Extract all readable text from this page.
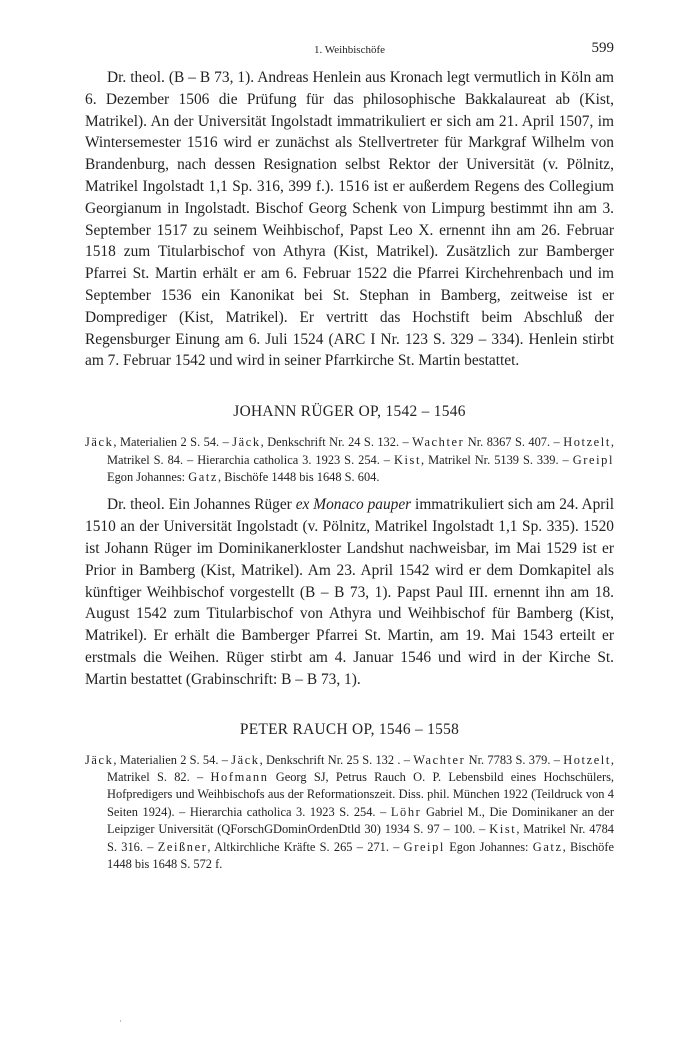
1. Weihbischöfe	599

Dr. theol. (B – B 73, 1). Andreas Henlein aus Kronach legt vermutlich in Köln am 6. Dezember 1506 die Prüfung für das philosophische Bakkalaureat ab (Kist, Matrikel). An der Universität Ingolstadt immatrikuliert er sich am 21. April 1507, im Wintersemester 1516 wird er zunächst als Stellvertreter für Markgraf Wilhelm von Brandenburg, nach dessen Resignation selbst Rektor der Universität (v. Pölnitz, Matrikel Ingolstadt 1,1 Sp. 316, 399 f.). 1516 ist er außerdem Regens des Collegium Georgianum in Ingolstadt. Bischof Georg Schenk von Limpurg bestimmt ihn am 3. September 1517 zu seinem Weihbischof, Papst Leo X. ernennt ihn am 26. Februar 1518 zum Titularbischof von Athyra (Kist, Matrikel). Zusätzlich zur Bamberger Pfarrei St. Martin erhält er am 6. Februar 1522 die Pfarrei Kirchehrenbach und im September 1536 ein Kanonikat bei St. Stephan in Bamberg, zeitweise ist er Domprediger (Kist, Matrikel). Er vertritt das Hochstift beim Abschluß der Regensburger Einung am 6. Juli 1524 (ARC I Nr. 123 S. 329 – 334). Henlein stirbt am 7. Februar 1542 und wird in seiner Pfarrkirche St. Martin bestattet.

JOHANN RÜGER OP, 1542 – 1546

Jäck, Materialien 2 S. 54. – Jäck, Denkschrift Nr. 24 S. 132. – Wachter Nr. 8367 S. 407. – Hotzelt, Matrikel S. 84. – Hierarchia catholica 3. 1923 S. 254. – Kist, Matrikel Nr. 5139 S. 339. – Greipl Egon Johannes: Gatz, Bischöfe 1448 bis 1648 S. 604.

Dr. theol. Ein Johannes Rüger ex Monaco pauper immatrikuliert sich am 24. April 1510 an der Universität Ingolstadt (v. Pölnitz, Matrikel Ingolstadt 1,1 Sp. 335). 1520 ist Johann Rüger im Dominikanerkloster Landshut nachweisbar, im Mai 1529 ist er Prior in Bamberg (Kist, Matrikel). Am 23. April 1542 wird er dem Domkapitel als künftiger Weihbischof vorgestellt (B – B 73, 1). Papst Paul III. ernennt ihn am 18. August 1542 zum Titularbischof von Athyra und Weihbischof für Bamberg (Kist, Matrikel). Er erhält die Bamberger Pfarrei St. Martin, am 19. Mai 1543 erteilt er erstmals die Weihen. Rüger stirbt am 4. Januar 1546 und wird in der Kirche St. Martin bestattet (Grabinschrift: B – B 73, 1).

PETER RAUCH OP, 1546 – 1558

Jäck, Materialien 2 S. 54. – Jäck, Denkschrift Nr. 25 S. 132 . – Wachter Nr. 7783 S. 379. – Hotzelt, Matrikel S. 82. – Hofmann Georg SJ, Petrus Rauch O. P. Lebensbild eines Hochschülers, Hofpredigers und Weihbischofs aus der Reformationszeit. Diss. phil. München 1922 (Teildruck von 4 Seiten 1924). – Hierarchia catholica 3. 1923 S. 254. – Löhr Gabriel M., Die Dominikaner an der Leipziger Universität (QForschGDominOrdenDtld 30) 1934 S. 97 – 100. – Kist, Matrikel Nr. 4784 S. 316. – Zeißner, Altkirchliche Kräfte S. 265 – 271. – Greipl Egon Johannes: Gatz, Bischöfe 1448 bis 1648 S. 572 f.
